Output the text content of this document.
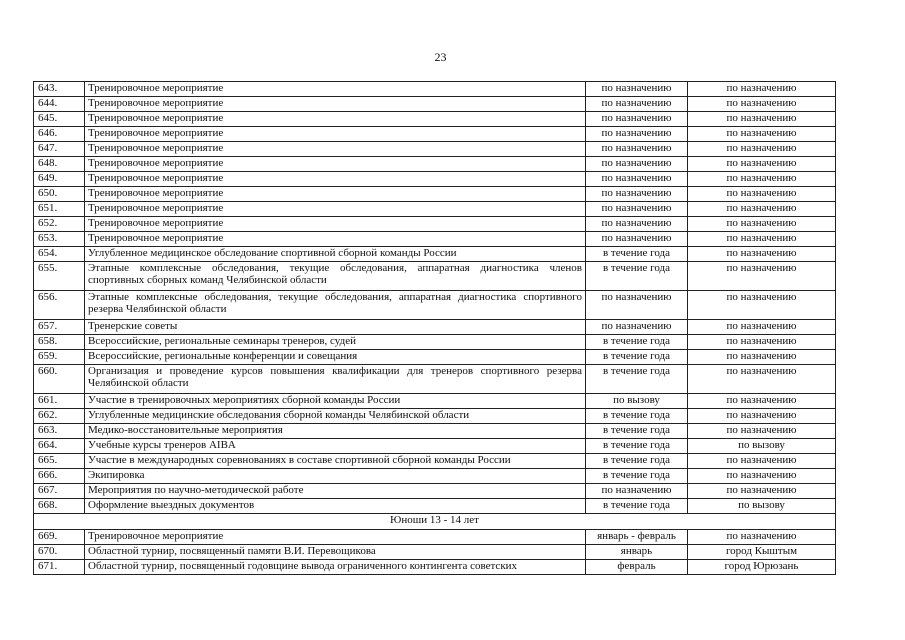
23
643.	Тренировочное мероприятие	по назначению	по назначению
644.	Тренировочное мероприятие	по назначению	по назначению
645.	Тренировочное мероприятие	по назначению	по назначению
646.	Тренировочное мероприятие	по назначению	по назначению
647.	Тренировочное мероприятие	по назначению	по назначению
648.	Тренировочное мероприятие	по назначению	по назначению
649.	Тренировочное мероприятие	по назначению	по назначению
650.	Тренировочное мероприятие	по назначению	по назначению
651.	Тренировочное мероприятие	по назначению	по назначению
652.	Тренировочное мероприятие	по назначению	по назначению
653.	Тренировочное мероприятие	по назначению	по назначению
654.	Углубленное медицинское обследование спортивной сборной команды России	в течение года	по назначению
655.	Этапные комплексные обследования, текущие обследования, аппаратная диагностика членов спортивных сборных команд Челябинской области	в течение года	по назначению
656.	Этапные комплексные обследования, текущие обследования, аппаратная диагностика спортивного резерва Челябинской области	по назначению	по назначению
657.	Тренерские советы	по назначению	по назначению
658.	Всероссийские, региональные семинары тренеров, судей	в течение года	по назначению
659.	Всероссийские, региональные конференции и совещания	в течение года	по назначению
660.	Организация и проведение курсов повышения квалификации для тренеров спортивного резерва Челябинской области	в течение года	по назначению
661.	Участие в тренировочных мероприятиях сборной команды России	по вызову	по назначению
662.	Углубленные медицинские обследования сборной команды Челябинской области	в течение года	по назначению
663.	Медико-восстановительные мероприятия	в течение года	по назначению
664.	Учебные курсы тренеров AIBA	в течение года	по вызову
665.	Участие в международных соревнованиях в составе спортивной сборной команды России	в течение года	по назначению
666.	Экипировка	в течение года	по назначению
667.	Мероприятия по научно-методической работе	по назначению	по назначению
668.	Оформление выездных документов	в течение года	по вызову
Юноши 13 - 14 лет			
669.	Тренировочное мероприятие	январь - февраль	по назначению
670.	Областной турнир, посвященный памяти В.И. Перевощикова	январь	город Кыштым
671.	Областной турнир, посвященный годовщине вывода ограниченного контингента советских	февраль	город Юрюзань
